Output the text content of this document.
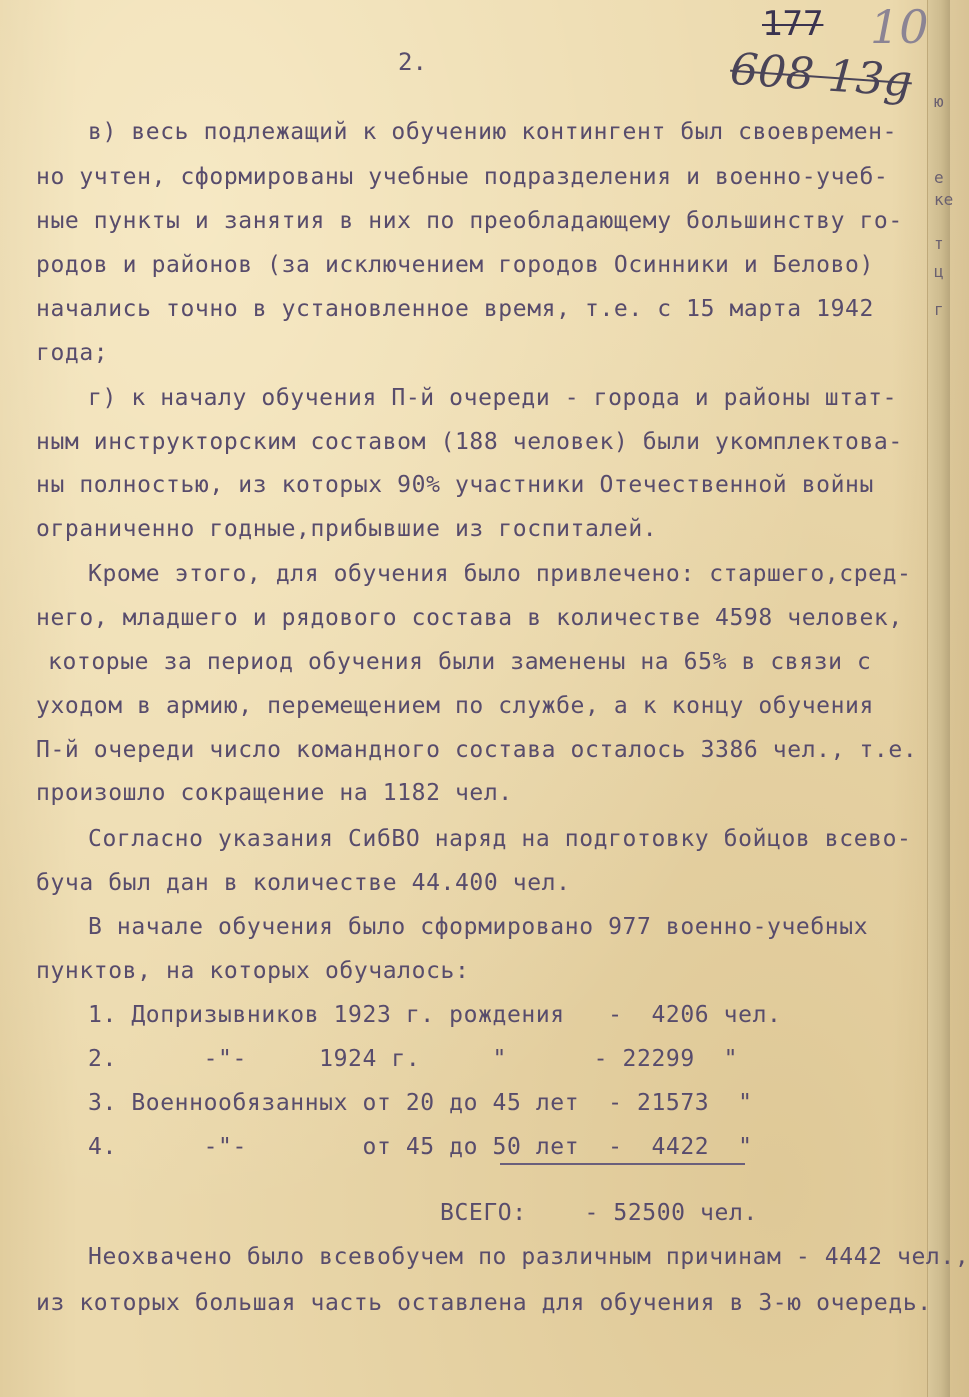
ю
е
ке
т
ц
г
177 10
608 13g
2.
в) весь подлежащий к обучению контингент был своевремен-
но учтен, сформированы учебные подразделения и военно-учеб-
ные пункты и занятия в них по преобладающему большинству го-
родов и районов (за исключением городов Осинники и Белово)
начались точно в установленное время, т.е. с 15 марта 1942
года;
г) к началу обучения П-й очереди - города и районы штат-
ным инструкторским составом (188 человек) были укомплектова-
ны полностью, из которых 90% участники Отечественной войны
ограниченно годные,прибывшие из госпиталей.
Кроме этого, для обучения было привлечено: старшего,сред-
него, младшего и рядового состава в количестве 4598 человек,
которые за период обучения были заменены на 65% в связи с
уходом в армию, перемещением по службе, а к концу обучения
П-й очереди число командного состава осталось 3386 чел., т.е.
произошло сокращение на 1182 чел.
Согласно указания СибВО наряд на подготовку бойцов всево-
буча был дан в количестве 44.400 чел.
В начале обучения было сформировано 977 военно-учебных
пунктов, на которых обучалось:
1. Допризывников 1923 г. рождения   -  4206 чел.
2.      -"-     1924 г.     "      - 22299  "
3. Военнообязанных от 20 до 45 лет  - 21573  "
4.      -"-        от 45 до 50 лет  -  4422  "
ВСЕГО:    - 52500 чел.
Неохвачено было всевобучем по различным причинам - 4442 чел.,
из которых большая часть оставлена для обучения в 3-ю очередь.
